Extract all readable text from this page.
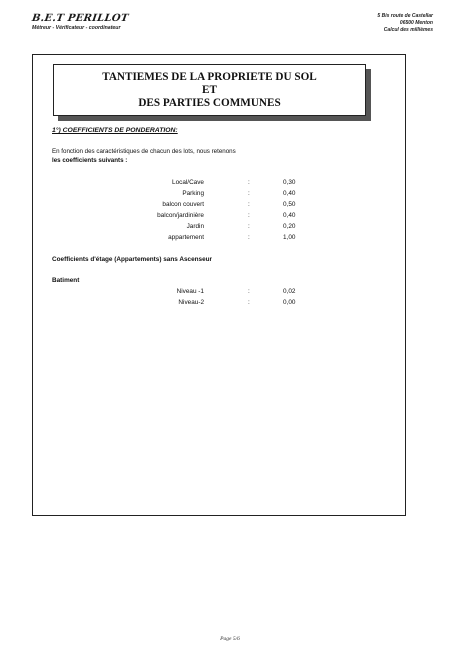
B.E.T PERILLOT
Métreur - Vérificateur - coordinateur
5 Bis route de Castellar
06500 Menton
Calcul des millièmes
TANTIEMES DE LA PROPRIETE DU SOL
ET
DES PARTIES COMMUNES
1°) COEFFICIENTS DE PONDERATION:
En fonction des caractéristiques de chacun des lots, nous retenons
les coefficients suivants :
Local/Cave	:	0,30
Parking	:	0,40
balcon couvert	:	0,50
balcon/jardinière	:	0,40
Jardin	:	0,20
appartement	:	1,00
Coefficients d'étage (Appartements) sans Ascenseur
Batiment
Niveau -1	:	0,02
Niveau-2	:	0,00
Page 5/6
